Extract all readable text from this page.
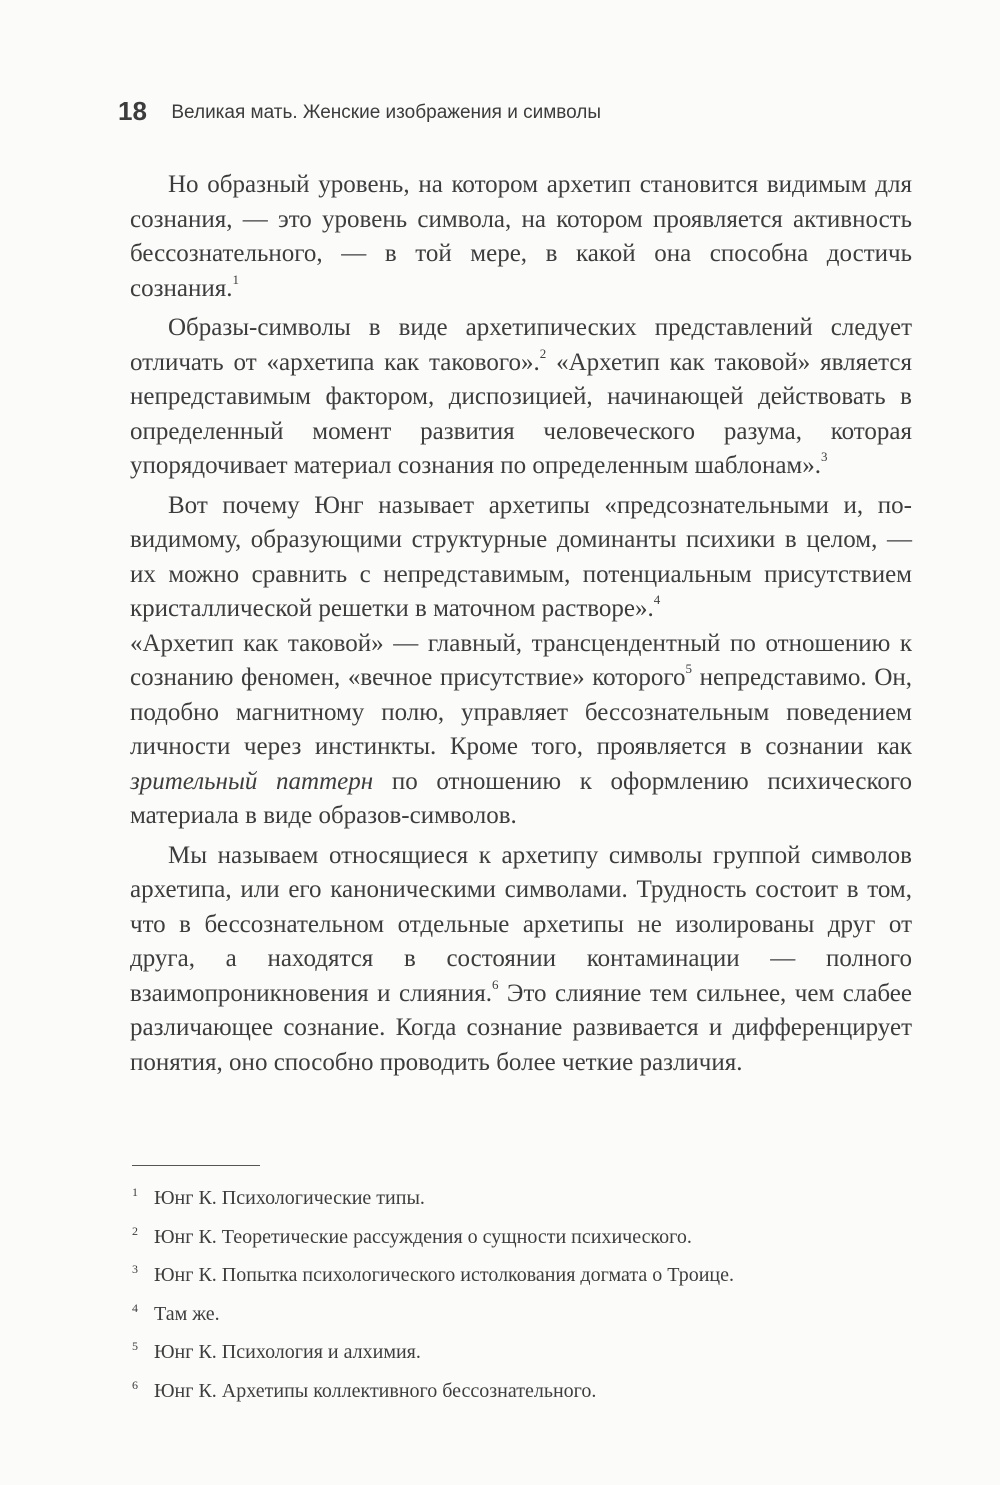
18 Великая мать. Женские изображения и символы

Но образный уровень, на котором архетип становится видимым для сознания, — это уровень символа, на котором проявляется активность бессознательного, — в той мере, в какой она способна достичь сознания.$^1$

Образы-символы в виде архетипических представлений следует отличать от «архетипа как такового».$^2$ «Архетип как таковой» является непредставимым фактором, диспозицией, начинающей действовать в определенный момент развития человеческого разума, которая упорядочивает материал сознания по определенным шаблонам».$^3$

Вот почему Юнг называет архетипы «предсознательными и, повидимому, образующими структурные доминанты психики в целом, — их можно сравнить с непредставимым, потенциальным присутствием кристаллической решетки в маточном растворе».$^4$

«Архетип как таковой» — главный, трансцендентный по отношению к сознанию феномен, «вечное присутствие» которого$^5$ непредставимо. Он, подобно магнитному полю, управляет бессознательным поведением личности через инстинкты. Кроме того, проявляется в сознании как зрительный паттерн по отношению к оформлению психического материала в виде образов-символов.

Мы называем относящиеся к архетипу символы группой символов архетипа, или его каноническими символами. Трудность состоит в том, что в бессознательном отдельные архетипы не изолированы друг от друга, а находятся в состоянии контаминации — полного взаимопроникновения и слияния.$^6$ Это слияние тем сильнее, чем слабее различающее сознание. Когда сознание развивается и дифференцирует понятия, оно способно проводить более четкие различия.

1 Юнг К. Психологические типы.
2 Юнг К. Теоретические рассуждения о сущности психического.
3 Юнг К. Попытка психологического истолкования догмата о Троице.
4 Там же.
5 Юнг К. Психология и алхимия.
6 Юнг К. Архетипы коллективного бессознательного.
